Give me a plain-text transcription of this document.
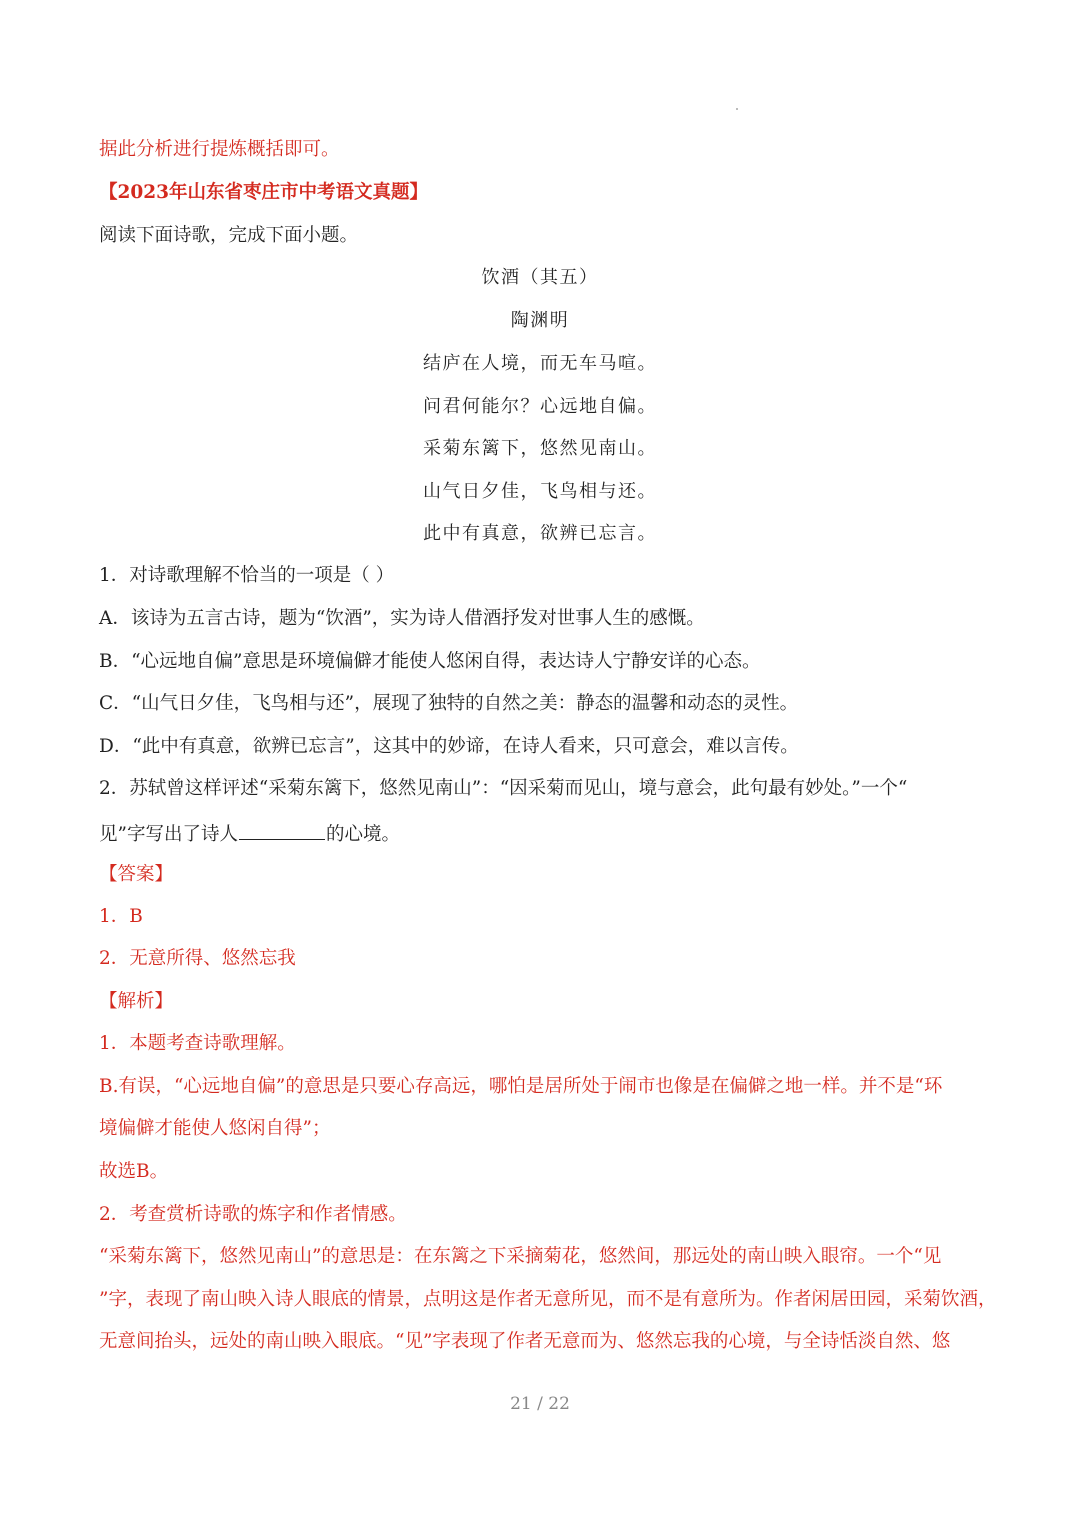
据此分析进行提炼概括即可。
【2023年山东省枣庄市中考语文真题】
阅读下面诗歌，完成下面小题。
饮酒（其五）
陶渊明
结庐在人境，而无车马喧。
问君何能尔？心远地自偏。
采菊东篱下，悠然见南山。
山气日夕佳，飞鸟相与还。
此中有真意，欲辨已忘言。
1．对诗歌理解不恰当的一项是（ ）
A．该诗为五言古诗，题为“饮酒”，实为诗人借酒抒发对世事人生的感慨。
B．“心远地自偏”意思是环境偏僻才能使人悠闲自得，表达诗人宁静安详的心态。
C．“山气日夕佳，飞鸟相与还”，展现了独特的自然之美：静态的温馨和动态的灵性。
D．“此中有真意，欲辨已忘言”，这其中的妙谛，在诗人看来，只可意会，难以言传。
2．苏轼曾这样评述“采菊东篱下，悠然见南山”：“因采菊而见山，境与意会，此句最有妙处。”一个“
见”字写出了诗人	的心境。
【答案】
1．B
2．无意所得、悠然忘我
【解析】
1．本题考查诗歌理解。
B.有误，“心远地自偏”的意思是只要心存高远，哪怕是居所处于闹市也像是在偏僻之地一样。并不是“环
境偏僻才能使人悠闲自得”；
故选B。
2．考查赏析诗歌的炼字和作者情感。
“采菊东篱下，悠然见南山”的意思是：在东篱之下采摘菊花，悠然间，那远处的南山映入眼帘。一个“见
”字，表现了南山映入诗人眼底的情景，点明这是作者无意所见，而不是有意所为。作者闲居田园，采菊饮酒，
无意间抬头，远处的南山映入眼底。“见”字表现了作者无意而为、悠然忘我的心境，与全诗恬淡自然、悠
21 / 22
